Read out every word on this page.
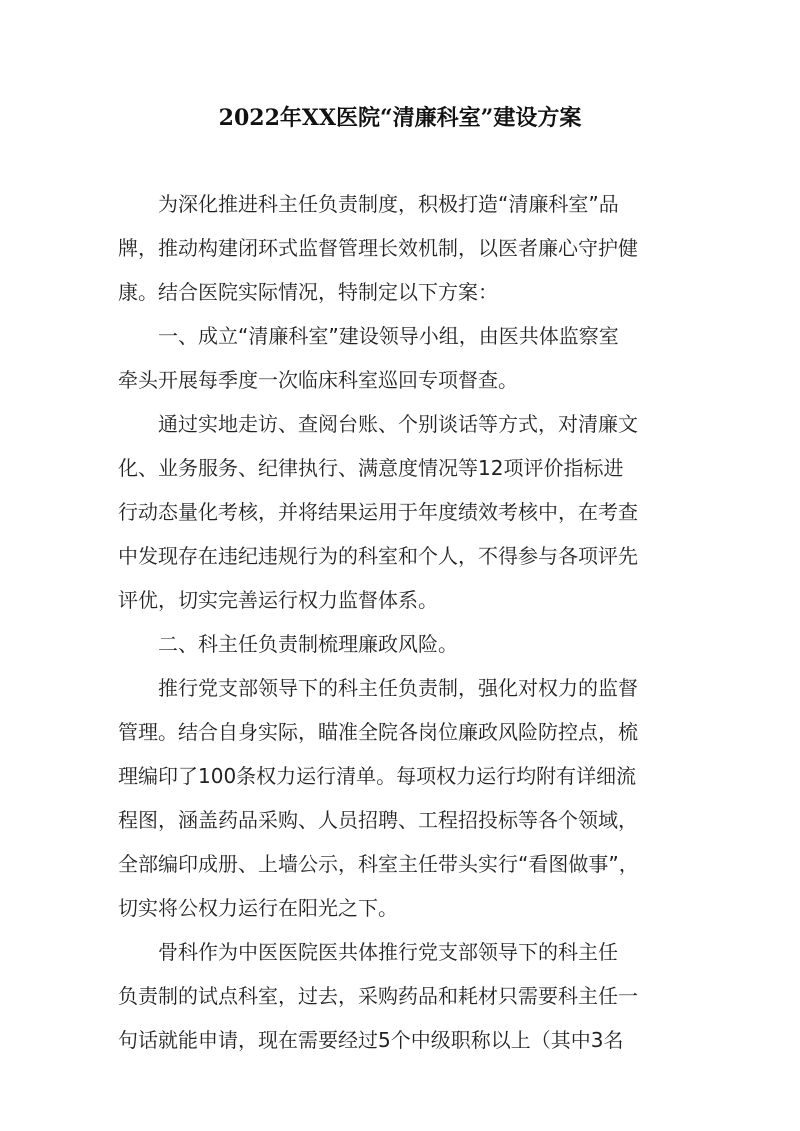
2022年XX医院“清廉科室”建设方案
为深化推进科主任负责制度，积极打造“清廉科室”品
牌，推动构建闭环式监督管理长效机制，以医者廉心守护健
康。结合医院实际情况，特制定以下方案：
一、成立“清廉科室”建设领导小组，由医共体监察室
牵头开展每季度一次临床科室巡回专项督查。
通过实地走访、查阅台账、个别谈话等方式，对清廉文
化、业务服务、纪律执行、满意度情况等12项评价指标进
行动态量化考核，并将结果运用于年度绩效考核中，在考查
中发现存在违纪违规行为的科室和个人，不得参与各项评先
评优，切实完善运行权力监督体系。
二、科主任负责制梳理廉政风险。
推行党支部领导下的科主任负责制，强化对权力的监督
管理。结合自身实际，瞄准全院各岗位廉政风险防控点，梳
理编印了100条权力运行清单。每项权力运行均附有详细流
程图，涵盖药品采购、人员招聘、工程招投标等各个领域，
全部编印成册、上墙公示，科室主任带头实行“看图做事”，
切实将公权力运行在阳光之下。
骨科作为中医医院医共体推行党支部领导下的科主任
负责制的试点科室，过去，采购药品和耗材只需要科主任一
句话就能申请，现在需要经过5个中级职称以上（其中3名
